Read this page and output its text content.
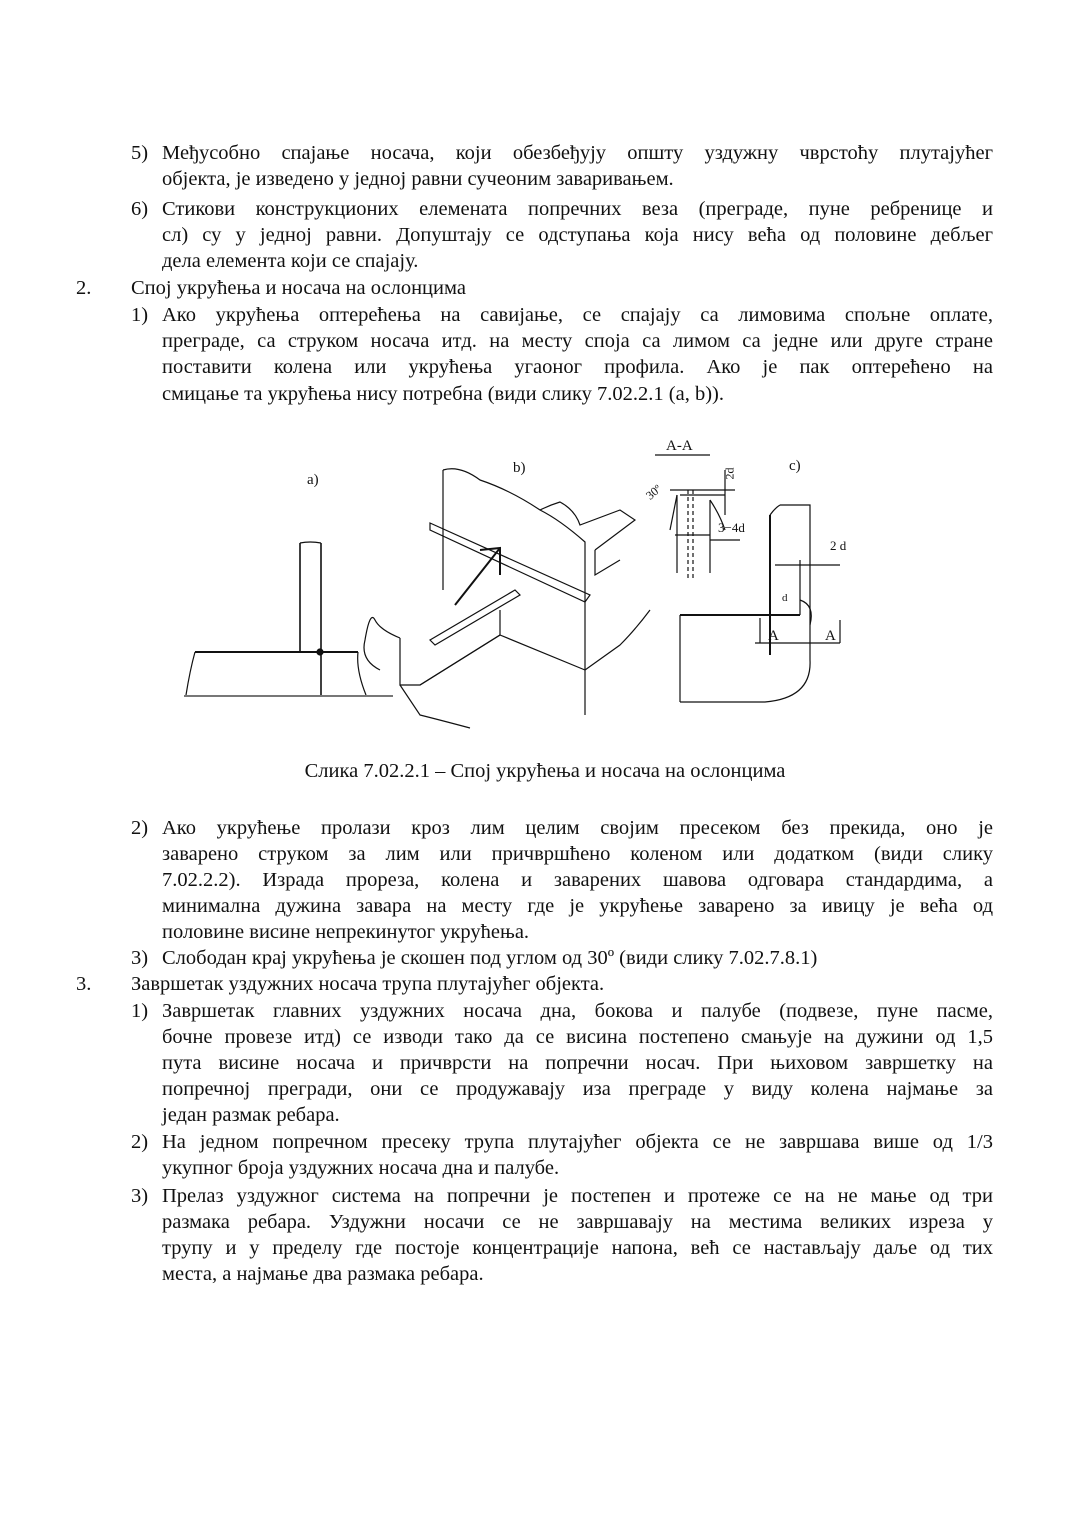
5) Међусобно спајање носача, који обезбеђују општу уздужну чврстоћу плутајућег
објекта, је изведено у једној равни сучеоним заваривањем.
6) Стикови конструкционих елемената попречних веза (преграде, пуне ребренице и
сл) су у једној равни. Допуштају се одступања која нису већа од половине дебљег
дела елемента који се спајају.
2. Спој укрућења и носача на ослонцима
1) Ако укрућења оптерећења на савијање, се спајају са лимовима спољне оплате,
преграде, са струком носача итд. на месту споја са лимом са једне или друге стране
поставити колена или укрућења угаоног профила. Ако је пак оптерећено на
смицање та укрућења нису потребна (види слику 7.02.2.1 (a, b)).
a)
b)	c)
A-A
30º
2d
3−4d
2 d
d
A	A
Слика 7.02.2.1 – Спој укрућења и носача на ослонцима
2) Ако укрућење пролази кроз лим целим својим пресеком без прекида, оно је
заварено струком за лим или причвршћено коленом или додатком (види слику
7.02.2.2). Израда прореза, колена и заварених шавова одговара стандардима, а
минимална дужина завара на месту где је укрућење заварено за ивицу је већа од
половине висине непрекинутог укрућења.
3) Слободан крај укрућења је скошен под углом од 30º (види слику 7.02.7.8.1)
3. Завршетак уздужних носача трупа плутајућег објекта.
1) Завршетак главних уздужних носача дна, бокова и палубе (подвезе, пуне пасме,
бочне провезе итд) се изводи тако да се висина постепено смањује на дужини од 1,5
пута висине носача и причврсти на попречни носач. При њиховом завршетку на
попречној прегради, они се продужавају иза преграде у виду колена најмање за
један размак ребара.
2) На једном попречном пресеку трупа плутајућег објекта се не завршава више од 1/3
укупног броја уздужних носача дна и палубе.
3) Прелаз уздужног система на попречни је постепен и протеже се на не мање од три
размака ребара. Уздужни носачи се не завршавају на местима великих изреза у
трупу и у пределу где постоје концентрације напона, већ се настављају даље од тих
места, а најмање два размака ребара.
